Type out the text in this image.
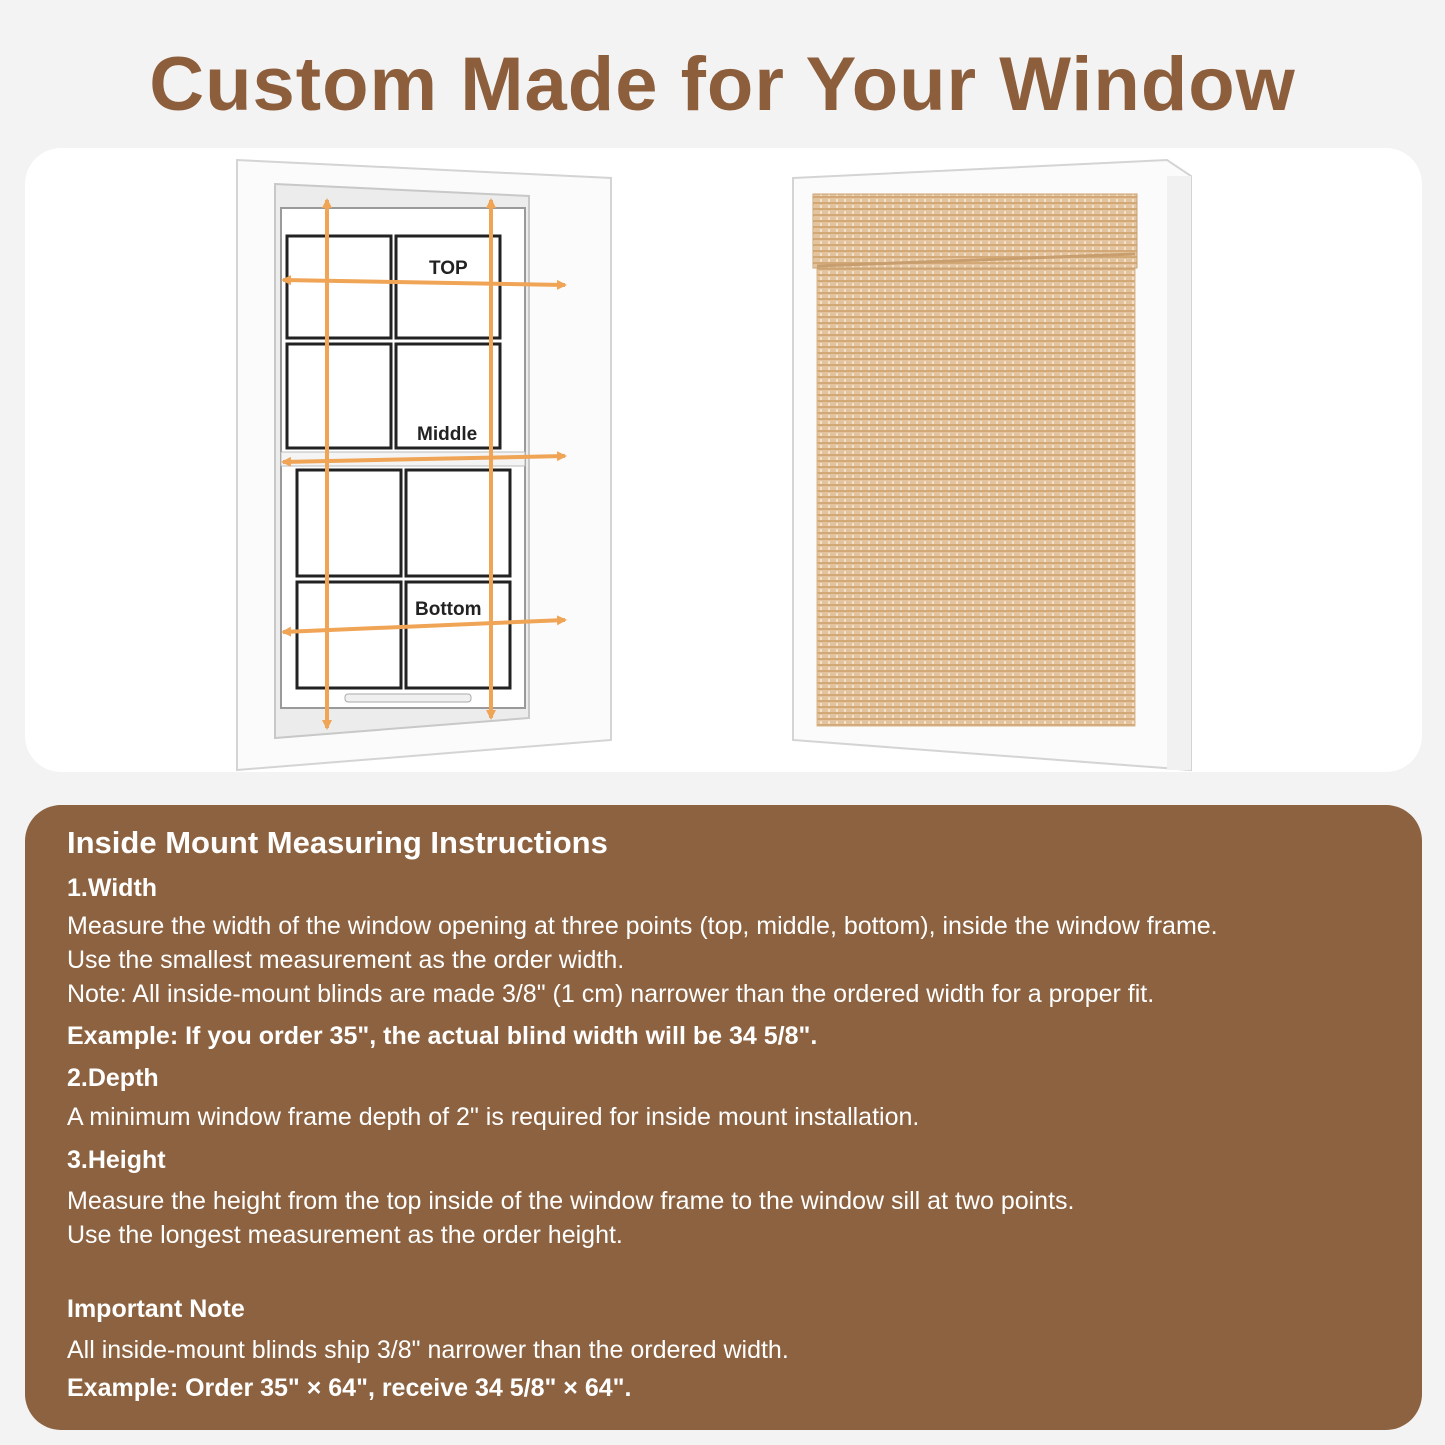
Custom Made for Your Window
TOP
Middle
Bottom
Inside Mount Measuring Instructions
1.Width
Measure the width of the window opening at three points (top, middle, bottom), inside the window frame.
Use the smallest measurement as the order width.
Note: All inside-mount blinds are made 3/8" (1 cm) narrower than the ordered width for a proper fit.
Example: If you order 35", the actual blind width will be 34 5/8".
2.Depth
A minimum window frame depth of 2" is required for inside mount installation.
3.Height
Measure the height from the top inside of the window frame to the window sill at two points.
Use the longest measurement as the order height.
Important Note
All inside-mount blinds ship 3/8" narrower than the ordered width.
Example: Order 35" × 64", receive 34 5/8" × 64".
